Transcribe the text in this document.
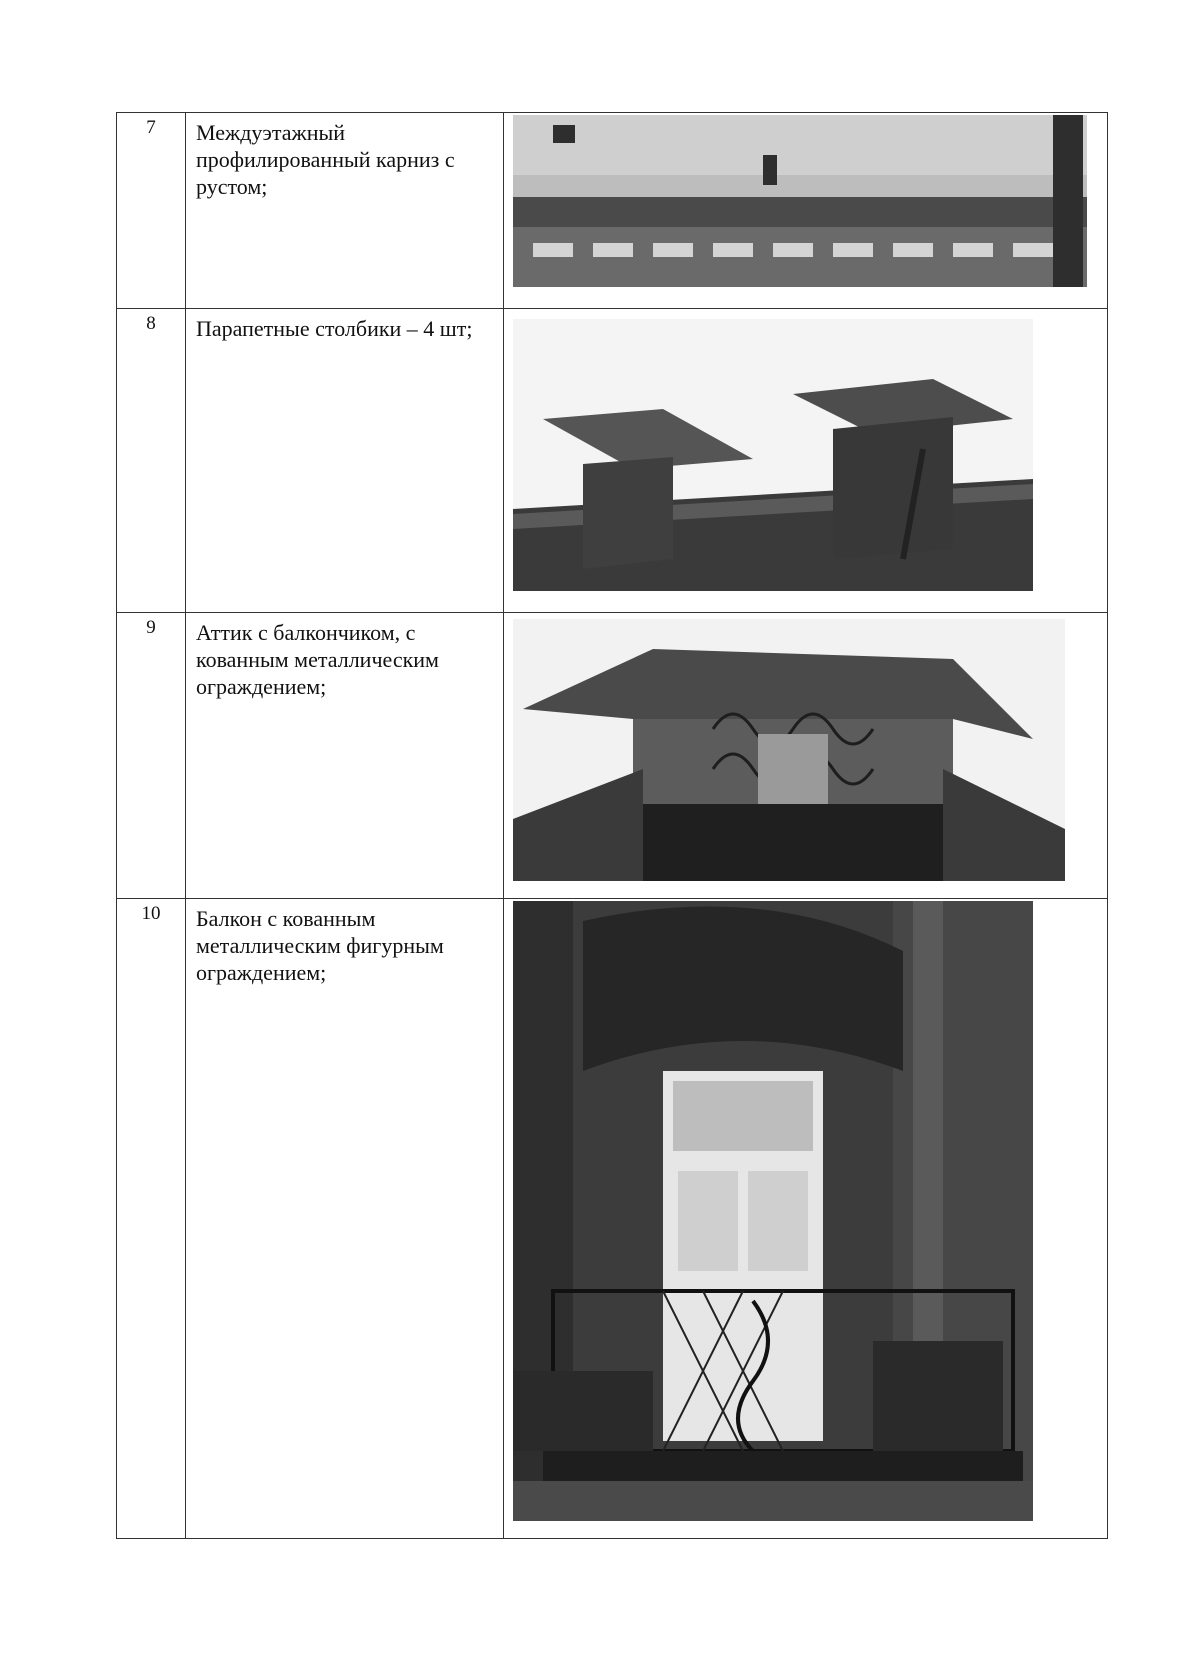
7	Междуэтажный профилированный карниз с рустом;	

8	Парапетные столбики – 4 шт;	

9	Аттик с балкончиком, с кованным металлическим ограждением;	

10	Балкон с кованным металлическим фигурным ограждением;	
